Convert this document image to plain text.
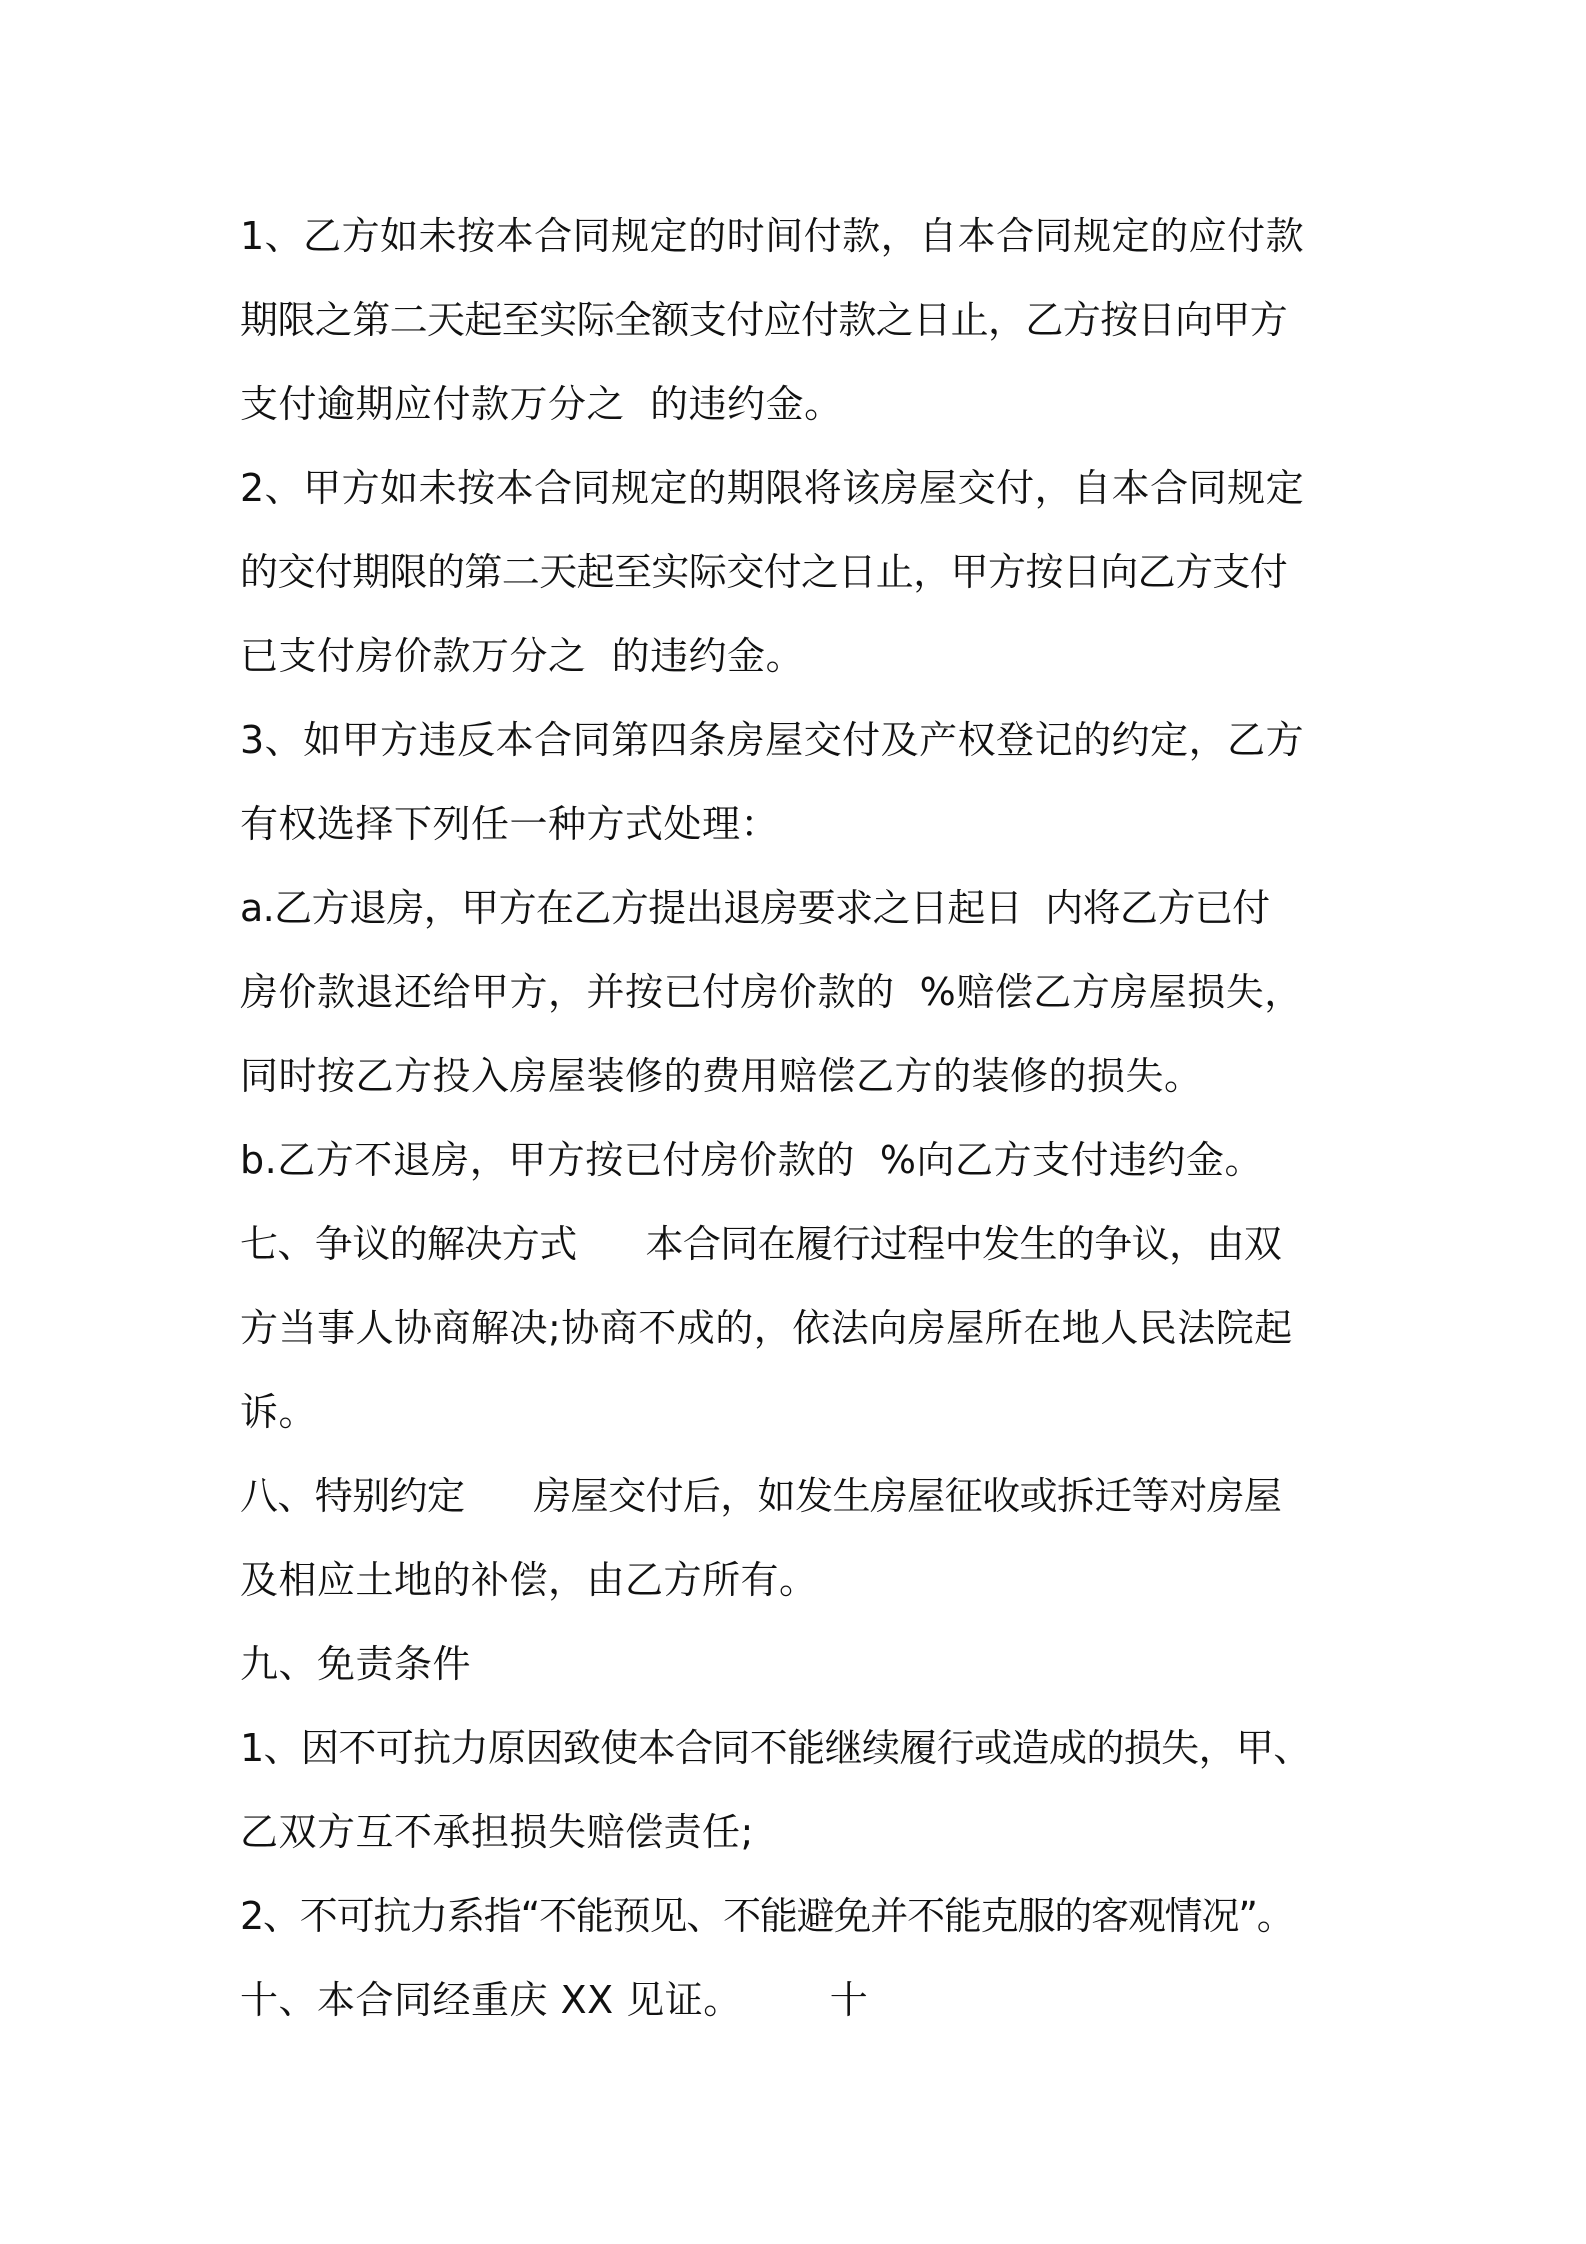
1、乙方如未按本合同规定的时间付款，自本合同规定的应付款
期限之第二天起至实际全额支付应付款之日止，乙方按日向甲方
支付逾期应付款万分之  的违约金。
2、甲方如未按本合同规定的期限将该房屋交付，自本合同规定
的交付期限的第二天起至实际交付之日止，甲方按日向乙方支付
已支付房价款万分之  的违约金。
3、如甲方违反本合同第四条房屋交付及产权登记的约定，乙方
有权选择下列任一种方式处理：
a.乙方退房，甲方在乙方提出退房要求之日起日  内将乙方已付
房价款退还给甲方，并按已付房价款的  %赔偿乙方房屋损失，
同时按乙方投入房屋装修的费用赔偿乙方的装修的损失。
b.乙方不退房，甲方按已付房价款的  %向乙方支付违约金。
七、争议的解决方式      本合同在履行过程中发生的争议，由双
方当事人协商解决;协商不成的，依法向房屋所在地人民法院起
诉。
八、特别约定      房屋交付后，如发生房屋征收或拆迁等对房屋
及相应土地的补偿，由乙方所有。
九、免责条件
1、因不可抗力原因致使本合同不能继续履行或造成的损失，甲、
乙双方互不承担损失赔偿责任;
2、不可抗力系指“不能预见、不能避免并不能克服的客观情况”。
十、本合同经重庆 XX 见证。       十
